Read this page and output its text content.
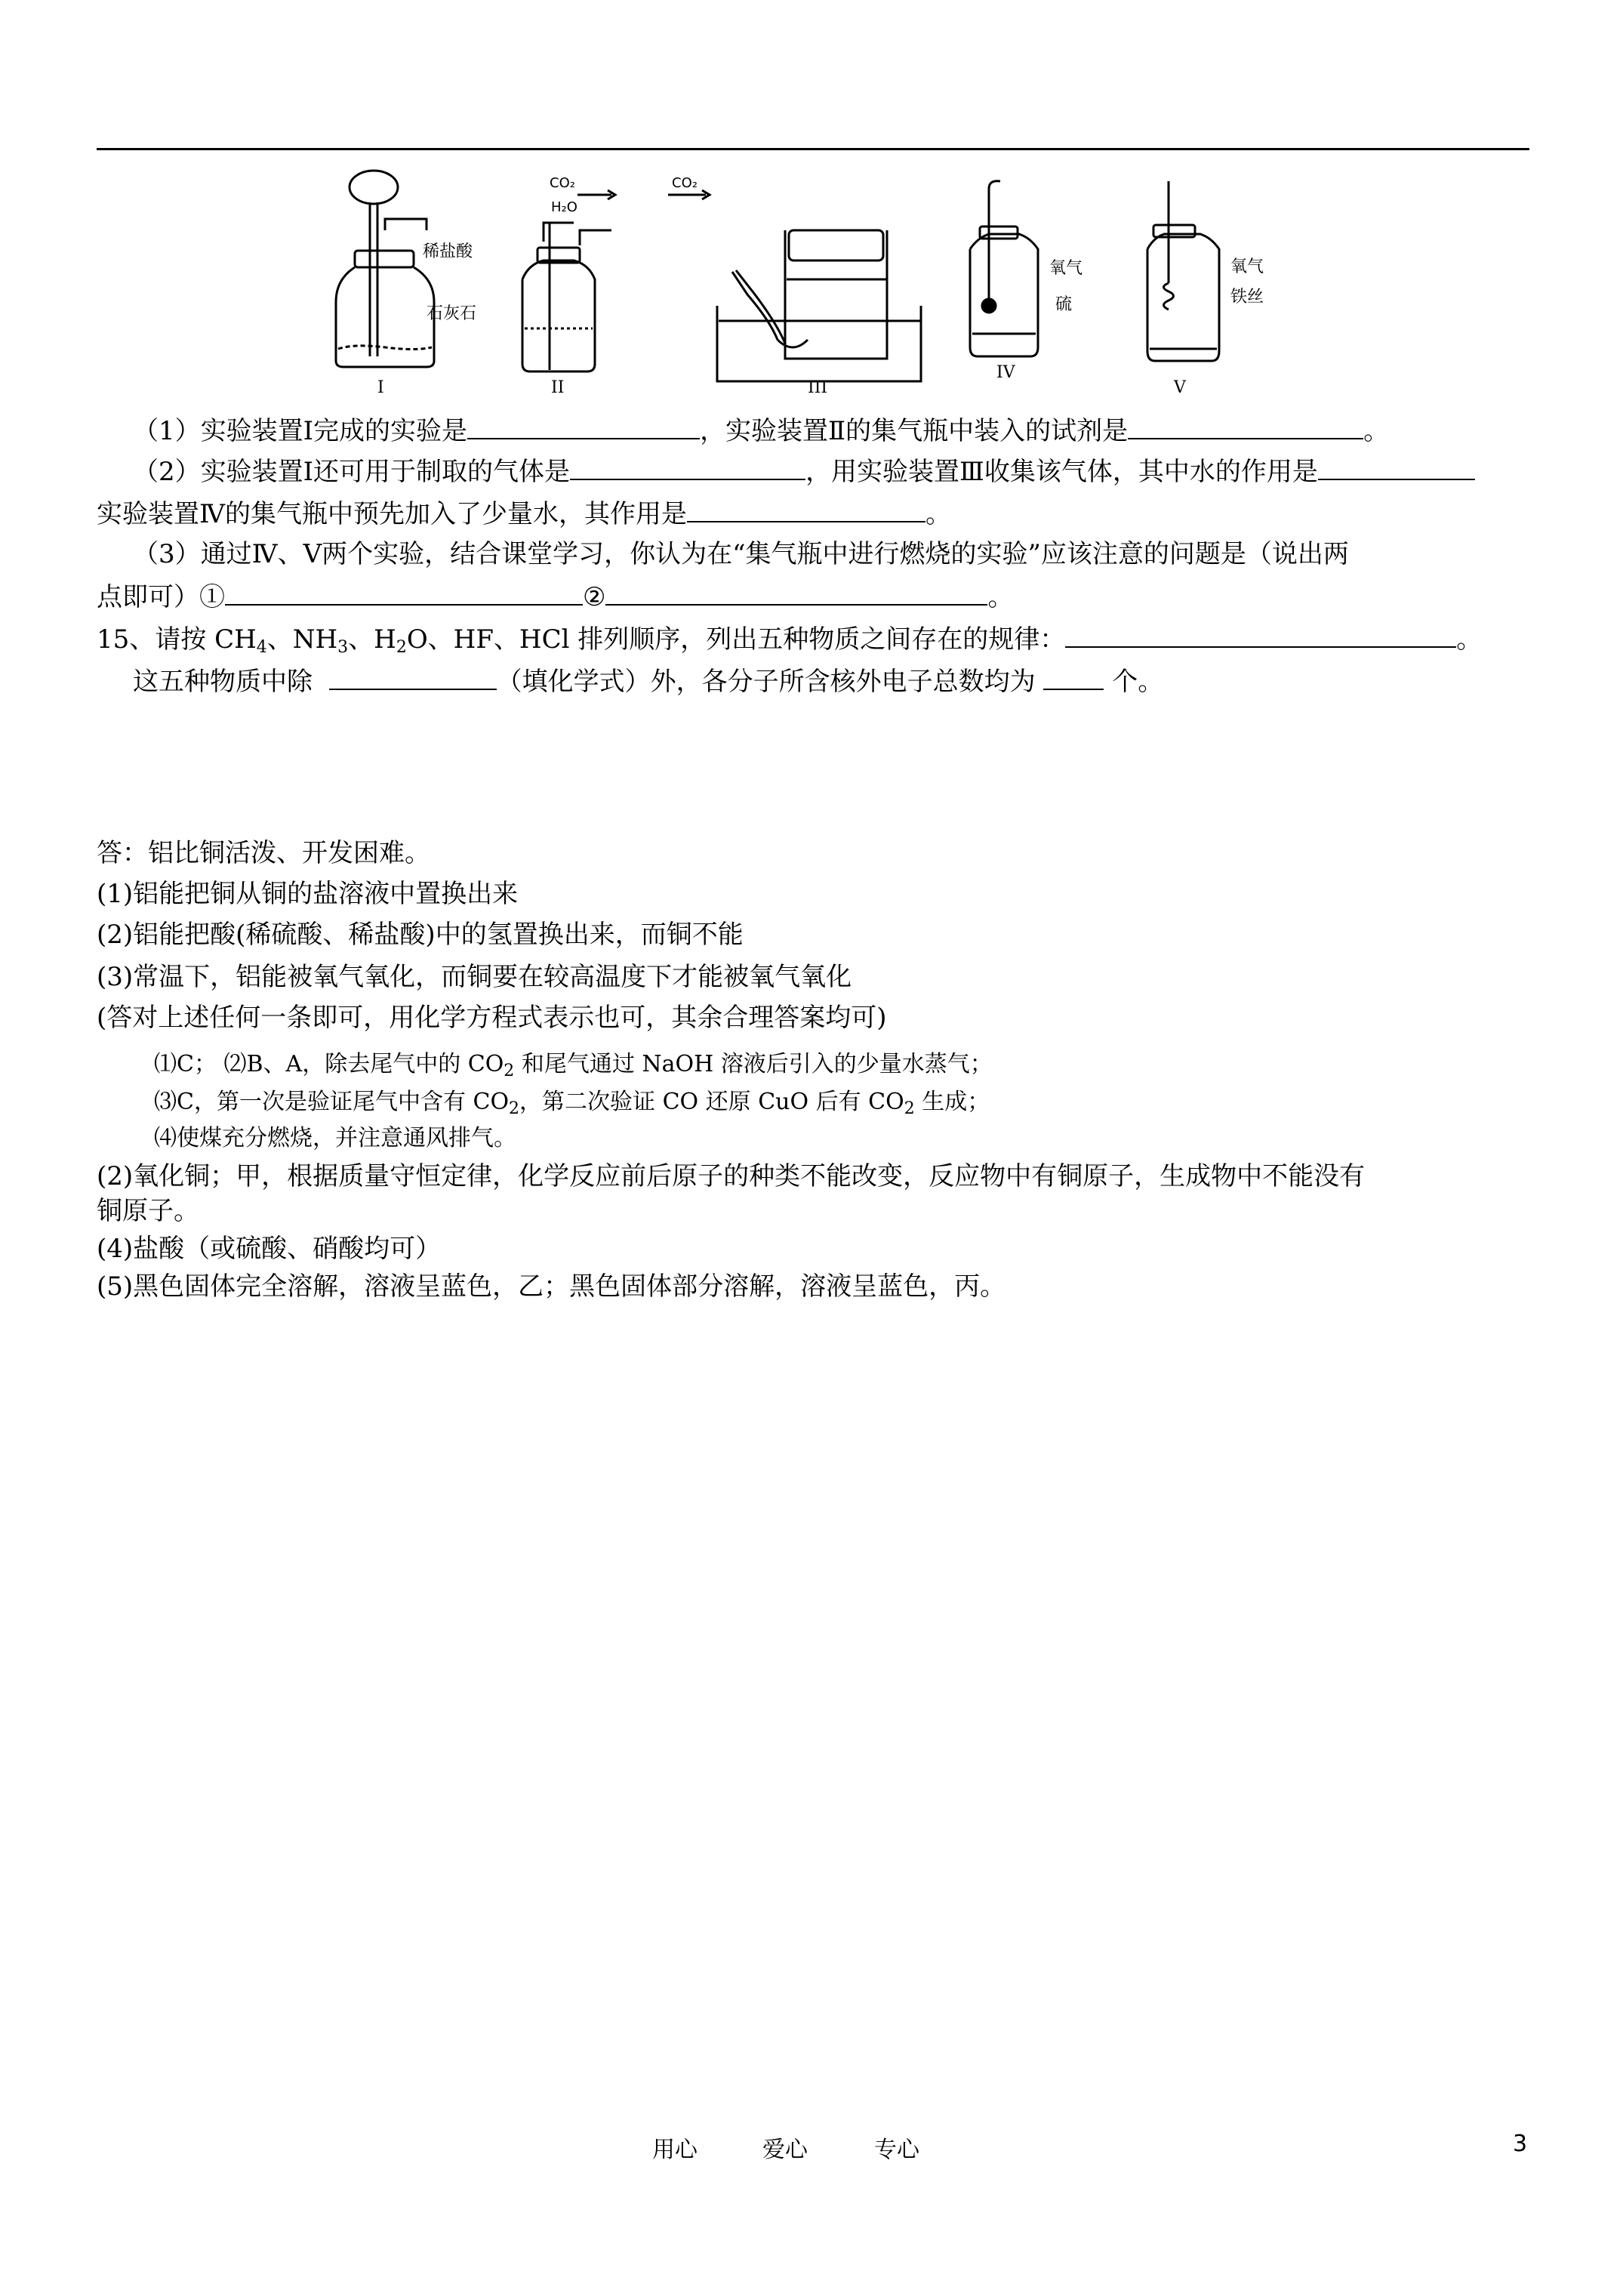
稀盐酸
石灰石
CO₂
H₂O
CO₂
氧气
硫
氧气
铁丝
I	II	III
IV
V
（1）实验装置Ⅰ完成的实验是	，实验装置Ⅱ的集气瓶中装入的试剂是	。
（2）实验装置Ⅰ还可用于制取的气体是	，用实验装置Ⅲ收集该气体，其中水的作用是
实验装置Ⅳ的集气瓶中预先加入了少量水，其作用是	。
（3）通过Ⅳ、Ⅴ两个实验，结合课堂学习，你认为在“集气瓶中进行燃烧的实验”应该注意的问题是（说出两
点即可）①	②	。
15、请按 $CH_4$、$NH_3$、$H_2O$、HF、HCl 排列顺序，列出五种物质之间存在的规律：	。
这五种物质中除	（填化学式）外，各分子所含核外电子总数均为	个。
答：铝比铜活泼、开发困难。
(1)铝能把铜从铜的盐溶液中置换出来
(2)铝能把酸(稀硫酸、稀盐酸)中的氢置换出来，而铜不能
(3)常温下，铝能被氧气氧化，而铜要在较高温度下才能被氧气氧化
(答对上述任何一条即可，用化学方程式表示也可，其余合理答案均可)
⑴C； ⑵B、A，除去尾气中的 $CO_2$ 和尾气通过 NaOH 溶液后引入的少量水蒸气；
⑶C，第一次是验证尾气中含有 $CO_2$，第二次验证 CO 还原 CuO 后有 $CO_2$ 生成；
⑷使煤充分燃烧，并注意通风排气。
(2)氧化铜；甲，根据质量守恒定律，化学反应前后原子的种类不能改变，反应物中有铜原子，生成物中不能没有
铜原子。
(4)盐酸（或硫酸、硝酸均可）
(5)黑色固体完全溶解，溶液呈蓝色，乙；黑色固体部分溶解，溶液呈蓝色，丙。
用心	爱心	专心	3
